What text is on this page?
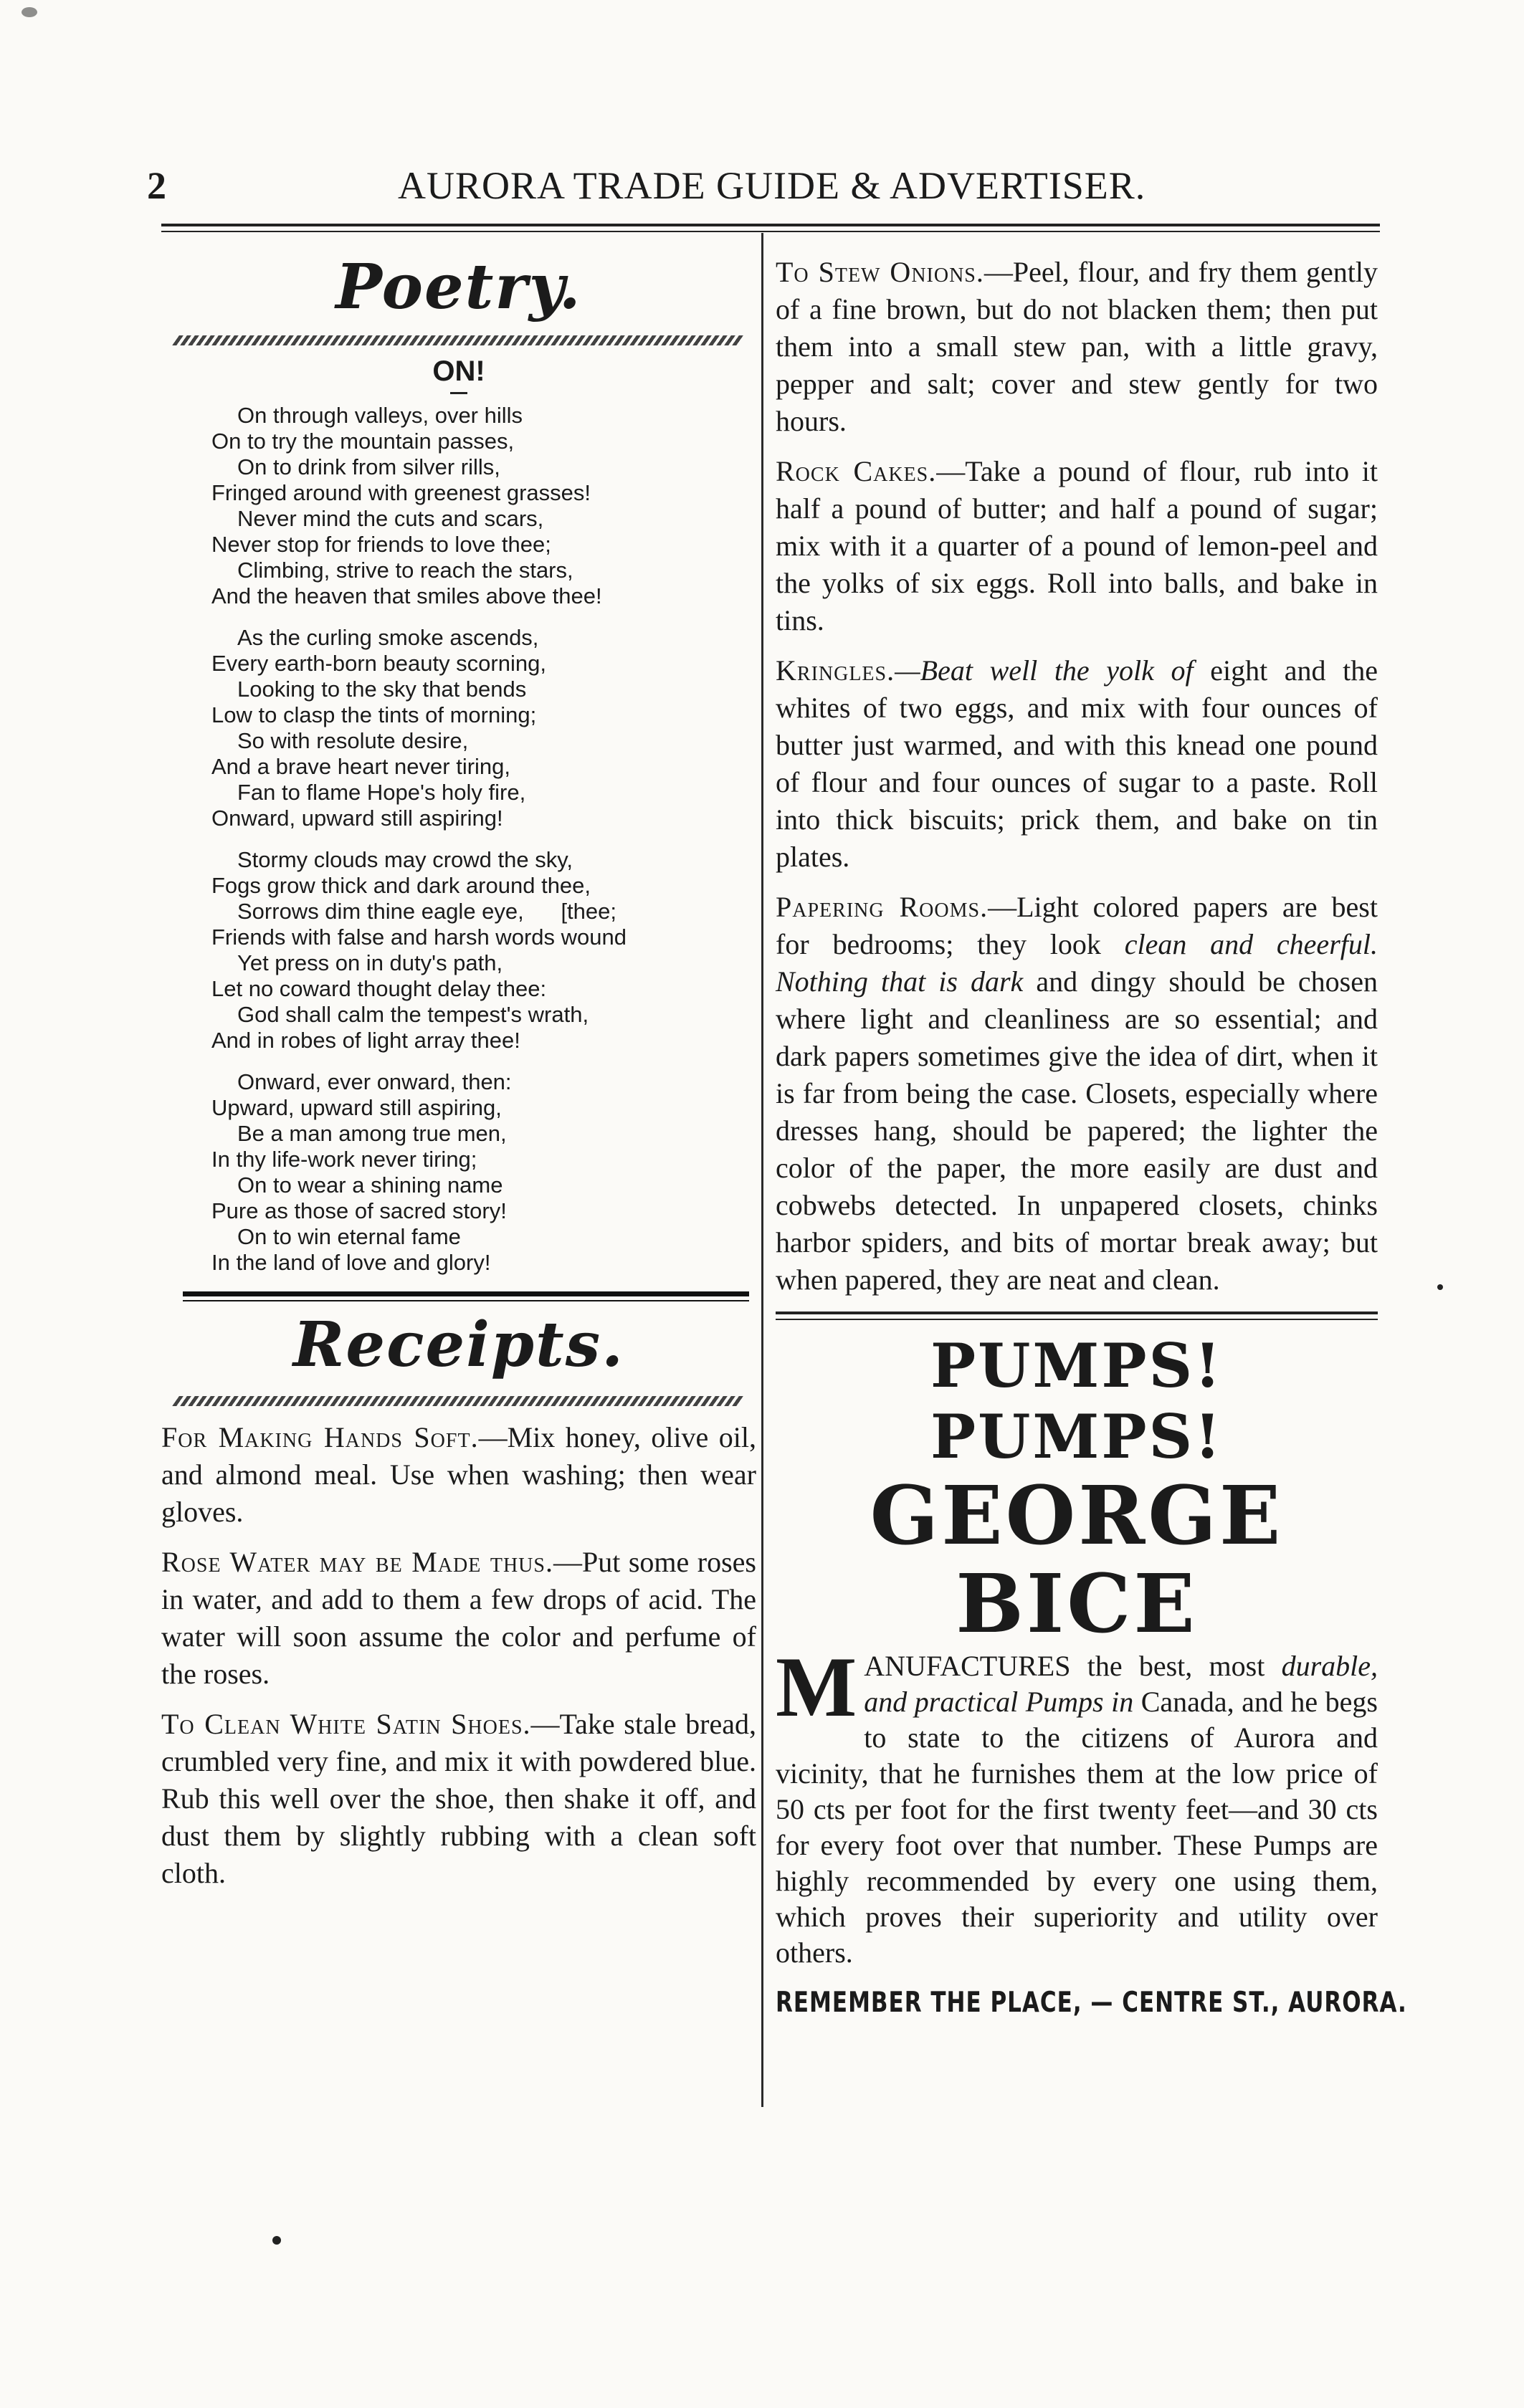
2	AURORA TRADE GUIDE & ADVERTISER.
Poetry.
ON!
On through valleys, over hills
On to try the mountain passes,
On to drink from silver rills,
Fringed around with greenest grasses!
Never mind the cuts and scars,
Never stop for friends to love thee;
Climbing, strive to reach the stars,
And the heaven that smiles above thee!
As the curling smoke ascends,
Every earth-born beauty scorning,
Looking to the sky that bends
Low to clasp the tints of morning;
So with resolute desire,
And a brave heart never tiring,
Fan to flame Hope's holy fire,
Onward, upward still aspiring!
Stormy clouds may crowd the sky,
Fogs grow thick and dark around thee,
Sorrows dim thine eagle eye,      [thee;
Friends with false and harsh words wound
Yet press on in duty's path,
Let no coward thought delay thee:
God shall calm the tempest's wrath,
And in robes of light array thee!
Onward, ever onward, then:
Upward, upward still aspiring,
Be a man among true men,
In thy life-work never tiring;
On to wear a shining name
Pure as those of sacred story!
On to win eternal fame
In the land of love and glory!
Receipts.

For Making Hands Soft.—Mix honey, olive oil, and almond meal. Use when washing; then wear gloves.

Rose Water may be Made thus.—Put some roses in water, and add to them a few drops of acid. The water will soon assume the color and perfume of the roses.

To Clean White Satin Shoes.—Take stale bread, crumbled very fine, and mix it with powdered blue. Rub this well over the shoe, then shake it off, and dust them by slightly rubbing with a clean soft cloth.

To Stew Onions.—Peel, flour, and fry them gently of a fine brown, but do not blacken them; then put them into a small stew pan, with a little gravy, pepper and salt; cover and stew gently for two hours.

Rock Cakes.—Take a pound of flour, rub into it half a pound of butter; and half a pound of sugar; mix with it a quarter of a pound of lemon-peel and the yolks of six eggs. Roll into balls, and bake in tins.

Kringles.—Beat well the yolk of eight and the whites of two eggs, and mix with four ounces of butter just warmed, and with this knead one pound of flour and four ounces of sugar to a paste. Roll into thick biscuits; prick them, and bake on tin plates.

Papering Rooms.—Light colored papers are best for bedrooms; they look clean and cheerful. Nothing that is dark and dingy should be chosen where light and cleanliness are so essential; and dark papers sometimes give the idea of dirt, when it is far from being the case. Closets, especially where dresses hang, should be papered; the lighter the color of the paper, the more easily are dust and cobwebs detected. In unpapered closets, chinks harbor spiders, and bits of mortar break away; but when papered, they are neat and clean.

PUMPS! PUMPS!
GEORGE BICE
MANUFACTURES the best, most durable, and practical Pumps in Canada, and he begs to state to the citizens of Aurora and vicinity, that he furnishes them at the low price of 50 cts per foot for the first twenty feet—and 30 cts for every foot over that number. These Pumps are highly recommended by every one using them, which proves their superiority and utility over others.
REMEMBER THE PLACE, — CENTRE ST., AURORA.
